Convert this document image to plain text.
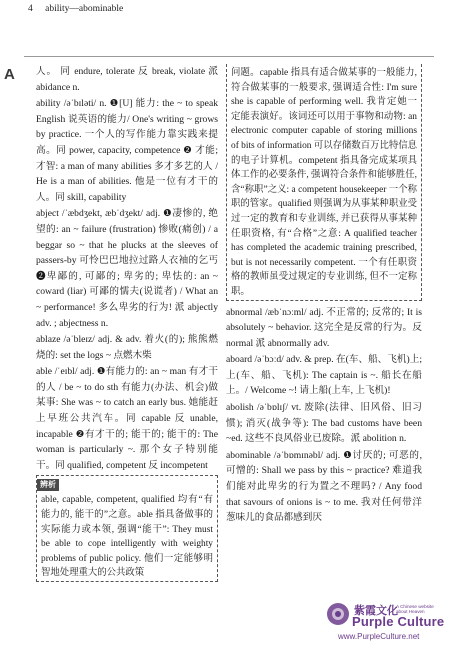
4 ability—abominable
A	人。 同 endure, tolerate 反 break, violate 派 abidance n.

ability /əˈbɪləti/ n. ❶[U] 能力: the ~ to speak English 说英语的能力/ One's writing ~ grows by practice. 一个人的写作能力靠实践来提高。同 power, capacity, competence ❷ 才能; 才智: a man of many abilities 多才多艺的人 / He is a man of abilities. 他是一位有才干的人。同 skill, capability

abject /ˈæbdʒekt, æbˈdʒekt/ adj. ❶凄惨的, 绝望的: an ~ failure (frustration) 惨败(痛创) / a beggar so ~ that he plucks at the sleeves of passers-by 可怜巴巴地拉过路人衣袖的乞丐 ❷卑鄙的, 可鄙的; 卑劣的; 卑怯的: an ~ coward (liar) 可鄙的懦夫(说谎者) / What an ~ performance! 多么卑劣的行为! 派 abjectly adv. ; abjectness n.

ablaze /əˈbleɪz/ adj. & adv. 着火(的); 熊熊燃烧的: set the logs ~ 点燃木柴

able /ˈeɪbl/ adj. ❶有能力的: an ~ man 有才干的人 / be ~ to do sth 有能力(办法、机会)做某事: She was ~ to catch an early bus. 她能赶上早班公共汽车。同 capable 反 unable, incapable ❷有才干的; 能干的; 能干的: The woman is particularly ~. 那个女子特别能干。同 qualified, competent 反 incompetent

辨析
able, capable, competent, qualified 均有“有能力的, 能干的”之意。able 指具备做事的实际能力或本领, 强调“能干”: They must be able to cope intelligently with weighty problems of public policy. 他们一定能够明智地处理重大的公共政策
问题。capable 指具有适合做某事的一般能力, 符合做某事的一般要求, 强调适合性: I'm sure she is capable of performing well. 我肯定她一定能表演好。该词还可以用于事物和动物: an electronic computer capable of storing millions of bits of information 可以存储数百万比特信息的电子计算机。competent 指具备完成某项具体工作的必要条件, 强调符合条件和能够胜任, 含“称职”之义: a competent housekeeper 一个称职的管家。qualified 则强调为从事某种职业受过一定的教育和专业训练, 并已获得从事某种任职资格, 有“合格”之意: A qualified teacher has completed the academic training prescribed, but is not necessarily competent. 一个有任职资格的教师虽受过规定的专业训练, 但不一定称职。

abnormal /æbˈnɔːml/ adj. 不正常的; 反常的; It is absolutely ~ behavior. 这完全是反常的行为。反 normal 派 abnormally adv.

aboard /əˈbɔːd/ adv. & prep. 在(车、船、飞机)上; 上(车、船、飞机): The captain is ~. 船长在船上。/ Welcome ~! 请上船(上车, 上飞机)!

abolish /əˈbɒlɪʃ/ vt. 废除(法律、旧风俗、旧习惯); 消灭(战争等): The bad customs have been ~ed. 这些不良风俗业已废除。派 abolition n.

abominable /əˈbɒmɪnəbl/ adj. ❶讨厌的; 可恶的, 可憎的: Shall we pass by this ~ practice? 难道我们能对此卑劣的行为置之不理吗? / Any food that savours of onions is ~ to me. 我对任何带洋葱味儿的食品都感到厌

紫霞文化
A Chinese website about Heaven
Purple Culture
www.PurpleCulture.net
